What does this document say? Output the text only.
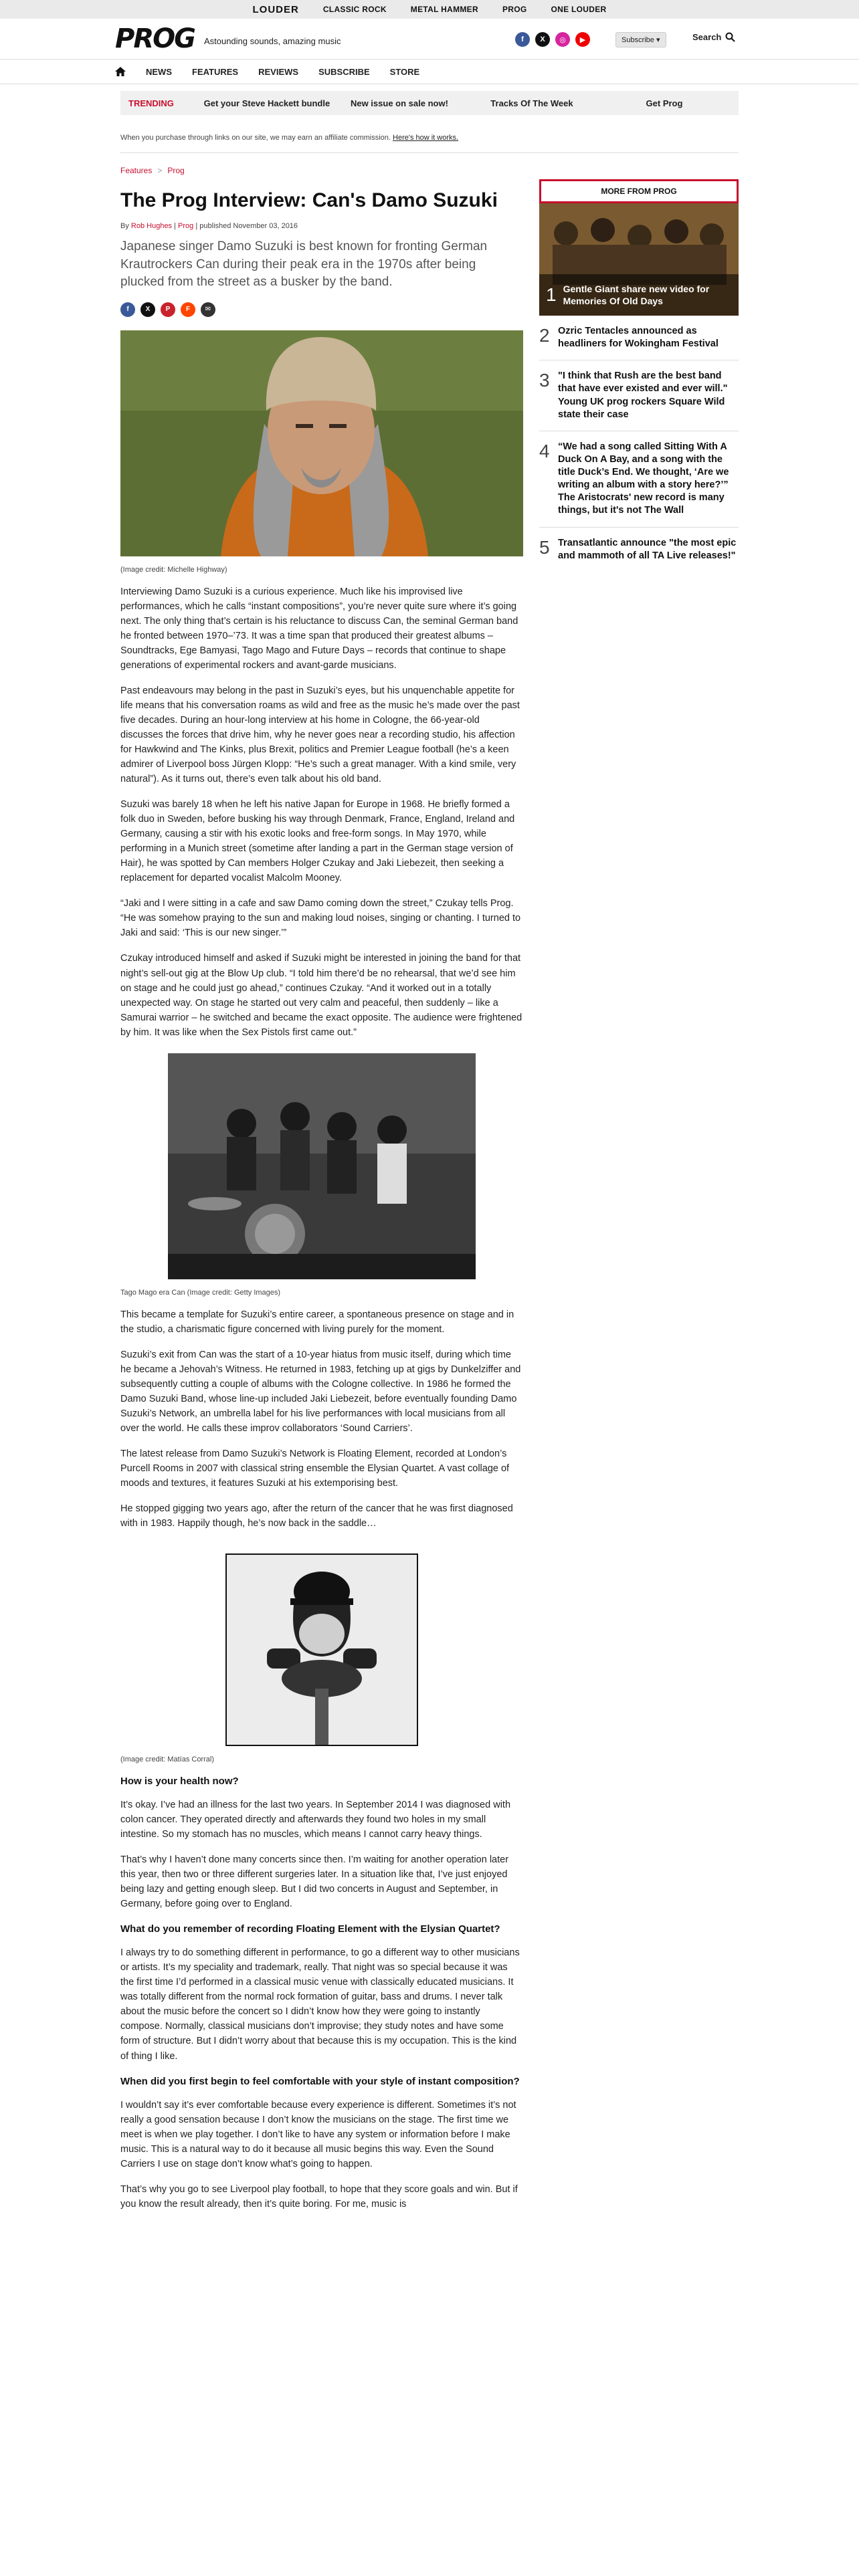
LOUDER	CLASSIC ROCK	METAL HAMMER	PROG	ONE LOUDER
PROG Astounding sounds, amazing music	f	X	◎	▶	Subscribe ▾	Search
NEWS FEATURES REVIEWS SUBSCRIBE STORE
TRENDING	Get your Steve Hackett bundle	New issue on sale now!	Tracks Of The Week	Get Prog
When you purchase through links on our site, we may earn an affiliate commission. Here's how it works.
Features > Prog
The Prog Interview: Can's Damo Suzuki
By Rob Hughes | Prog | published November 03, 2016

Japanese singer Damo Suzuki is best known for fronting German Krautrockers Can during their peak era in the 1970s after being plucked from the street as a busker by the band.

f	X	P	F	✉
(Image credit: Michelle Highway)

Interviewing Damo Suzuki is a curious experience. Much like his improvised live performances, which he calls “instant compositions”, you’re never quite sure where it’s going next. The only thing that’s certain is his reluctance to discuss Can, the seminal German band he fronted between 1970–’73. It was a time span that produced their greatest albums – Soundtracks, Ege Bamyasi, Tago Mago and Future Days – records that continue to shape generations of experimental rockers and avant-garde musicians.

Past endeavours may belong in the past in Suzuki’s eyes, but his unquenchable appetite for life means that his conversation roams as wild and free as the music he’s made over the past five decades. During an hour-long interview at his home in Cologne, the 66-year-old discusses the forces that drive him, why he never goes near a recording studio, his affection for Hawkwind and The Kinks, plus Brexit, politics and Premier League football (he’s a keen admirer of Liverpool boss Jürgen Klopp: “He’s such a great manager. With a kind smile, very natural”). As it turns out, there’s even talk about his old band.

Suzuki was barely 18 when he left his native Japan for Europe in 1968. He briefly formed a folk duo in Sweden, before busking his way through Denmark, France, England, Ireland and Germany, causing a stir with his exotic looks and free-form songs. In May 1970, while performing in a Munich street (sometime after landing a part in the German stage version of Hair), he was spotted by Can members Holger Czukay and Jaki Liebezeit, then seeking a replacement for departed vocalist Malcolm Mooney.

“Jaki and I were sitting in a cafe and saw Damo coming down the street,” Czukay tells Prog. “He was somehow praying to the sun and making loud noises, singing or chanting. I turned to Jaki and said: ‘This is our new singer.’”

Czukay introduced himself and asked if Suzuki might be interested in joining the band for that night’s sell-out gig at the Blow Up club. “I told him there’d be no rehearsal, that we’d see him on stage and he could just go ahead,” continues Czukay. “And it worked out in a totally unexpected way. On stage he started out very calm and peaceful, then suddenly – like a Samurai warrior – he switched and became the exact opposite. The audience were frightened by him. It was like when the Sex Pistols first came out.”

Tago Mago era Can (Image credit: Getty Images)

This became a template for Suzuki’s entire career, a spontaneous presence on stage and in the studio, a charismatic figure concerned with living purely for the moment.

Suzuki’s exit from Can was the start of a 10-year hiatus from music itself, during which time he became a Jehovah’s Witness. He returned in 1983, fetching up at gigs by Dunkelziffer and subsequently cutting a couple of albums with the Cologne collective. In 1986 he formed the Damo Suzuki Band, whose line-up included Jaki Liebezeit, before eventually founding Damo Suzuki’s Network, an umbrella label for his live performances with local musicians from all over the world. He calls these improv collaborators ‘Sound Carriers’.

The latest release from Damo Suzuki’s Network is Floating Element, recorded at London’s Purcell Rooms in 2007 with classical string ensemble the Elysian Quartet. A vast collage of moods and textures, it features Suzuki at his extemporising best.

He stopped gigging two years ago, after the return of the cancer that he was first diagnosed with in 1983. Happily though, he’s now back in the saddle…

(Image credit: Matías Corral)
How is your health now?

It’s okay. I’ve had an illness for the last two years. In September 2014 I was diagnosed with colon cancer. They operated directly and afterwards they found two holes in my small intestine. So my stomach has no muscles, which means I cannot carry heavy things.

That’s why I haven’t done many concerts since then. I’m waiting for another operation later this year, then two or three different surgeries later. In a situation like that, I’ve just enjoyed being lazy and getting enough sleep. But I did two concerts in August and September, in Germany, before going over to England.

What do you remember of recording Floating Element with the Elysian Quartet?

I always try to do something different in performance, to go a different way to other musicians or artists. It’s my speciality and trademark, really. That night was so special because it was the first time I’d performed in a classical music venue with classically educated musicians. It was totally different from the normal rock formation of guitar, bass and drums. I never talk about the music before the concert so I didn’t know how they were going to instantly compose. Normally, classical musicians don’t improvise; they study notes and have some form of structure. But I didn’t worry about that because this is my occupation. This is the kind of thing I like.

When did you first begin to feel comfortable with your style of instant composition?

I wouldn’t say it’s ever comfortable because every experience is different. Sometimes it’s not really a good sensation because I don’t know the musicians on the stage. The first time we meet is when we play together. I don’t like to have any system or information before I make music. This is a natural way to do it because all music begins this way. Even the Sound Carriers I use on stage don’t know what’s going to happen.

That’s why you go to see Liverpool play football, to hope that they score goals and win. But if you know the result already, then it’s quite boring. For me, music is

MORE FROM PROG
1 Gentle Giant share new video for Memories Of Old Days
2 Ozric Tentacles announced as headliners for Wokingham Festival
3 "I think that Rush are the best band that have ever existed and ever will." Young UK prog rockers Square Wild state their case
4 “We had a song called Sitting With A Duck On A Bay, and a song with the title Duck’s End. We thought, ‘Are we writing an album with a story here?’” The Aristocrats' new record is many things, but it's not The Wall
5 Transatlantic announce "the most epic and mammoth of all TA Live releases!"
